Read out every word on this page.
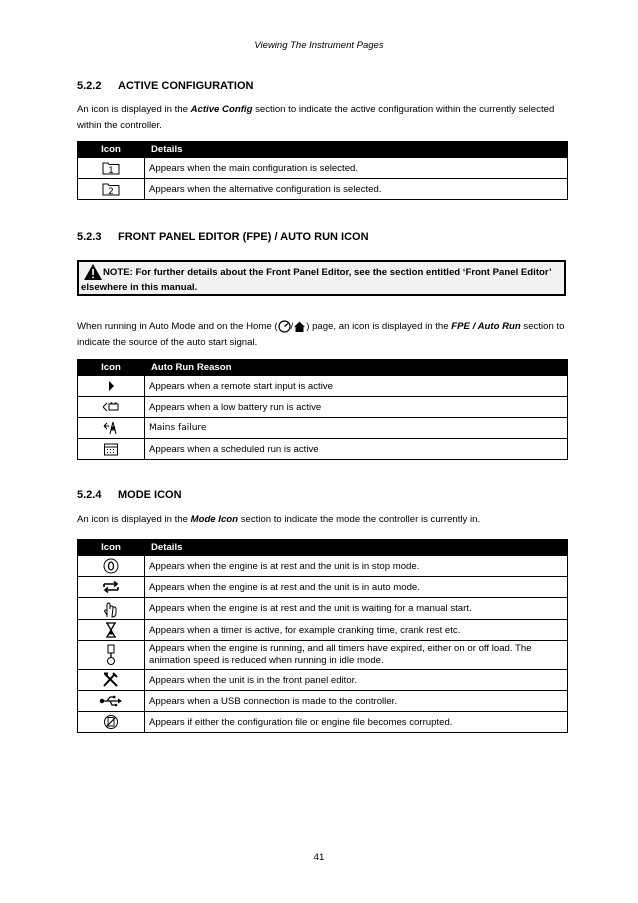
Viewing The Instrument Pages
5.2.2 ACTIVE CONFIGURATION
An icon is displayed in the Active Config section to indicate the active configuration within the currently selected within the controller.
Icon	Details

1	Appears when the main configuration is selected.

2	Appears when the alternative configuration is selected.
5.2.3 FRONT PANEL EDITOR (FPE) / AUTO RUN ICON
NOTE: For further details about the Front Panel Editor, see the section entitled ‘Front Panel Editor’ elsewhere in this manual.
When running in Auto Mode and on the Home ( / ) page, an icon is displayed in the FPE / Auto Run section to indicate the source of the auto start signal.
Icon	Auto Run Reason
	Appears when a remote start input is active
	Appears when a low battery run is active
	Mains failure
	Appears when a scheduled run is active
5.2.4 MODE ICON
An icon is displayed in the Mode Icon section to indicate the mode the controller is currently in.
Icon	Details
	Appears when the engine is at rest and the unit is in stop mode.
	Appears when the engine is at rest and the unit is in auto mode.
	Appears when the engine is at rest and the unit is waiting for a manual start.
	Appears when a timer is active, for example cranking time, crank rest etc.
	Appears when the engine is running, and all timers have expired, either on or off load. The animation speed is reduced when running in idle mode.
	Appears when the unit is in the front panel editor.
	Appears when a USB connection is made to the controller.
	Appears if either the configuration file or engine file becomes corrupted.
41
